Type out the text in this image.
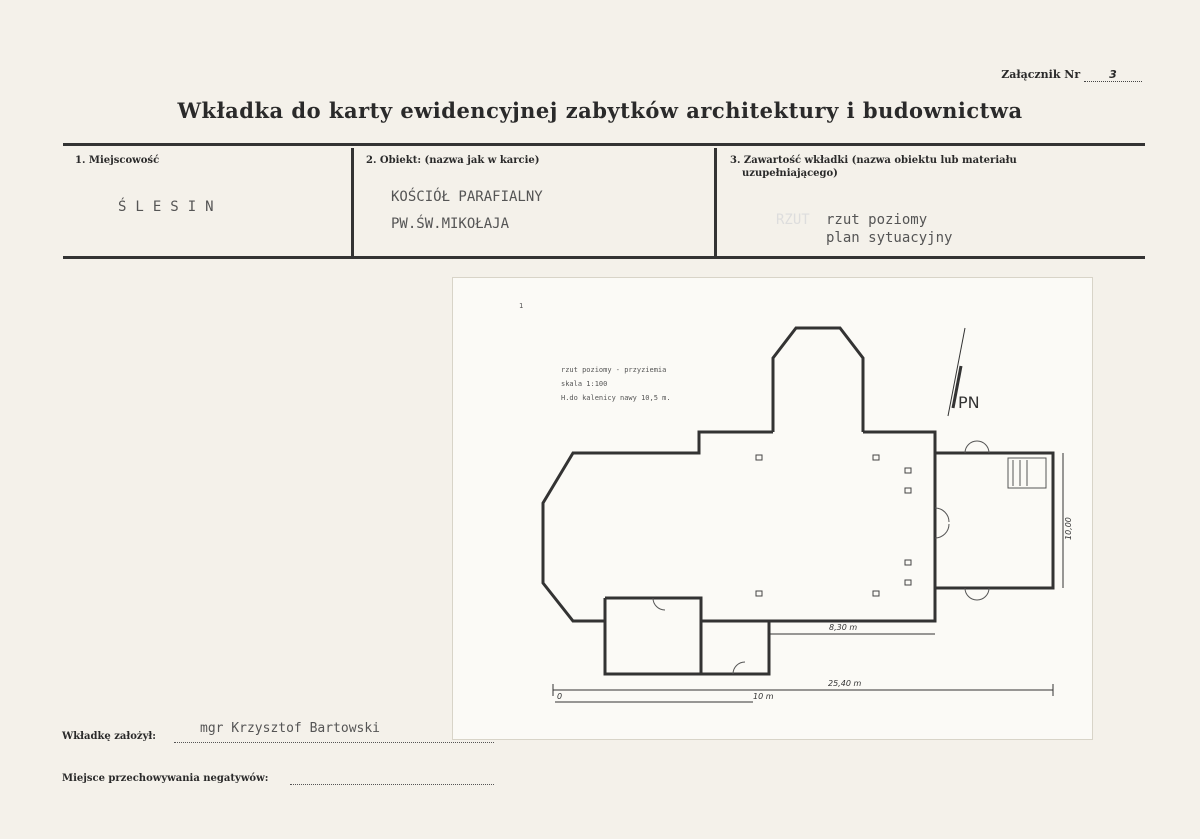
Załącznik Nr	3
Wkładka do karty ewidencyjnej zabytków architektury i budownictwa
1. Miejscowość
ŚLESIN
2. Obiekt: (nazwa jak w karcie)
KOŚCIÓŁ PARAFIALNY
PW.ŚW.MIKOŁAJA
3. Zawartość wkładki (nazwa obiektu lub materiału
uzupełniającego)
RZUT rzut poziomy
plan sytuacyjny
PN
1
rzut poziomy - przyziemia
skala 1:100
H.do kalenicy nawy 10,5 m.
8,30 m
25,40 m
10,00
0	10 m
Wkładkę założył:
mgr Krzysztof Bartowski
Miejsce przechowywania negatywów:
